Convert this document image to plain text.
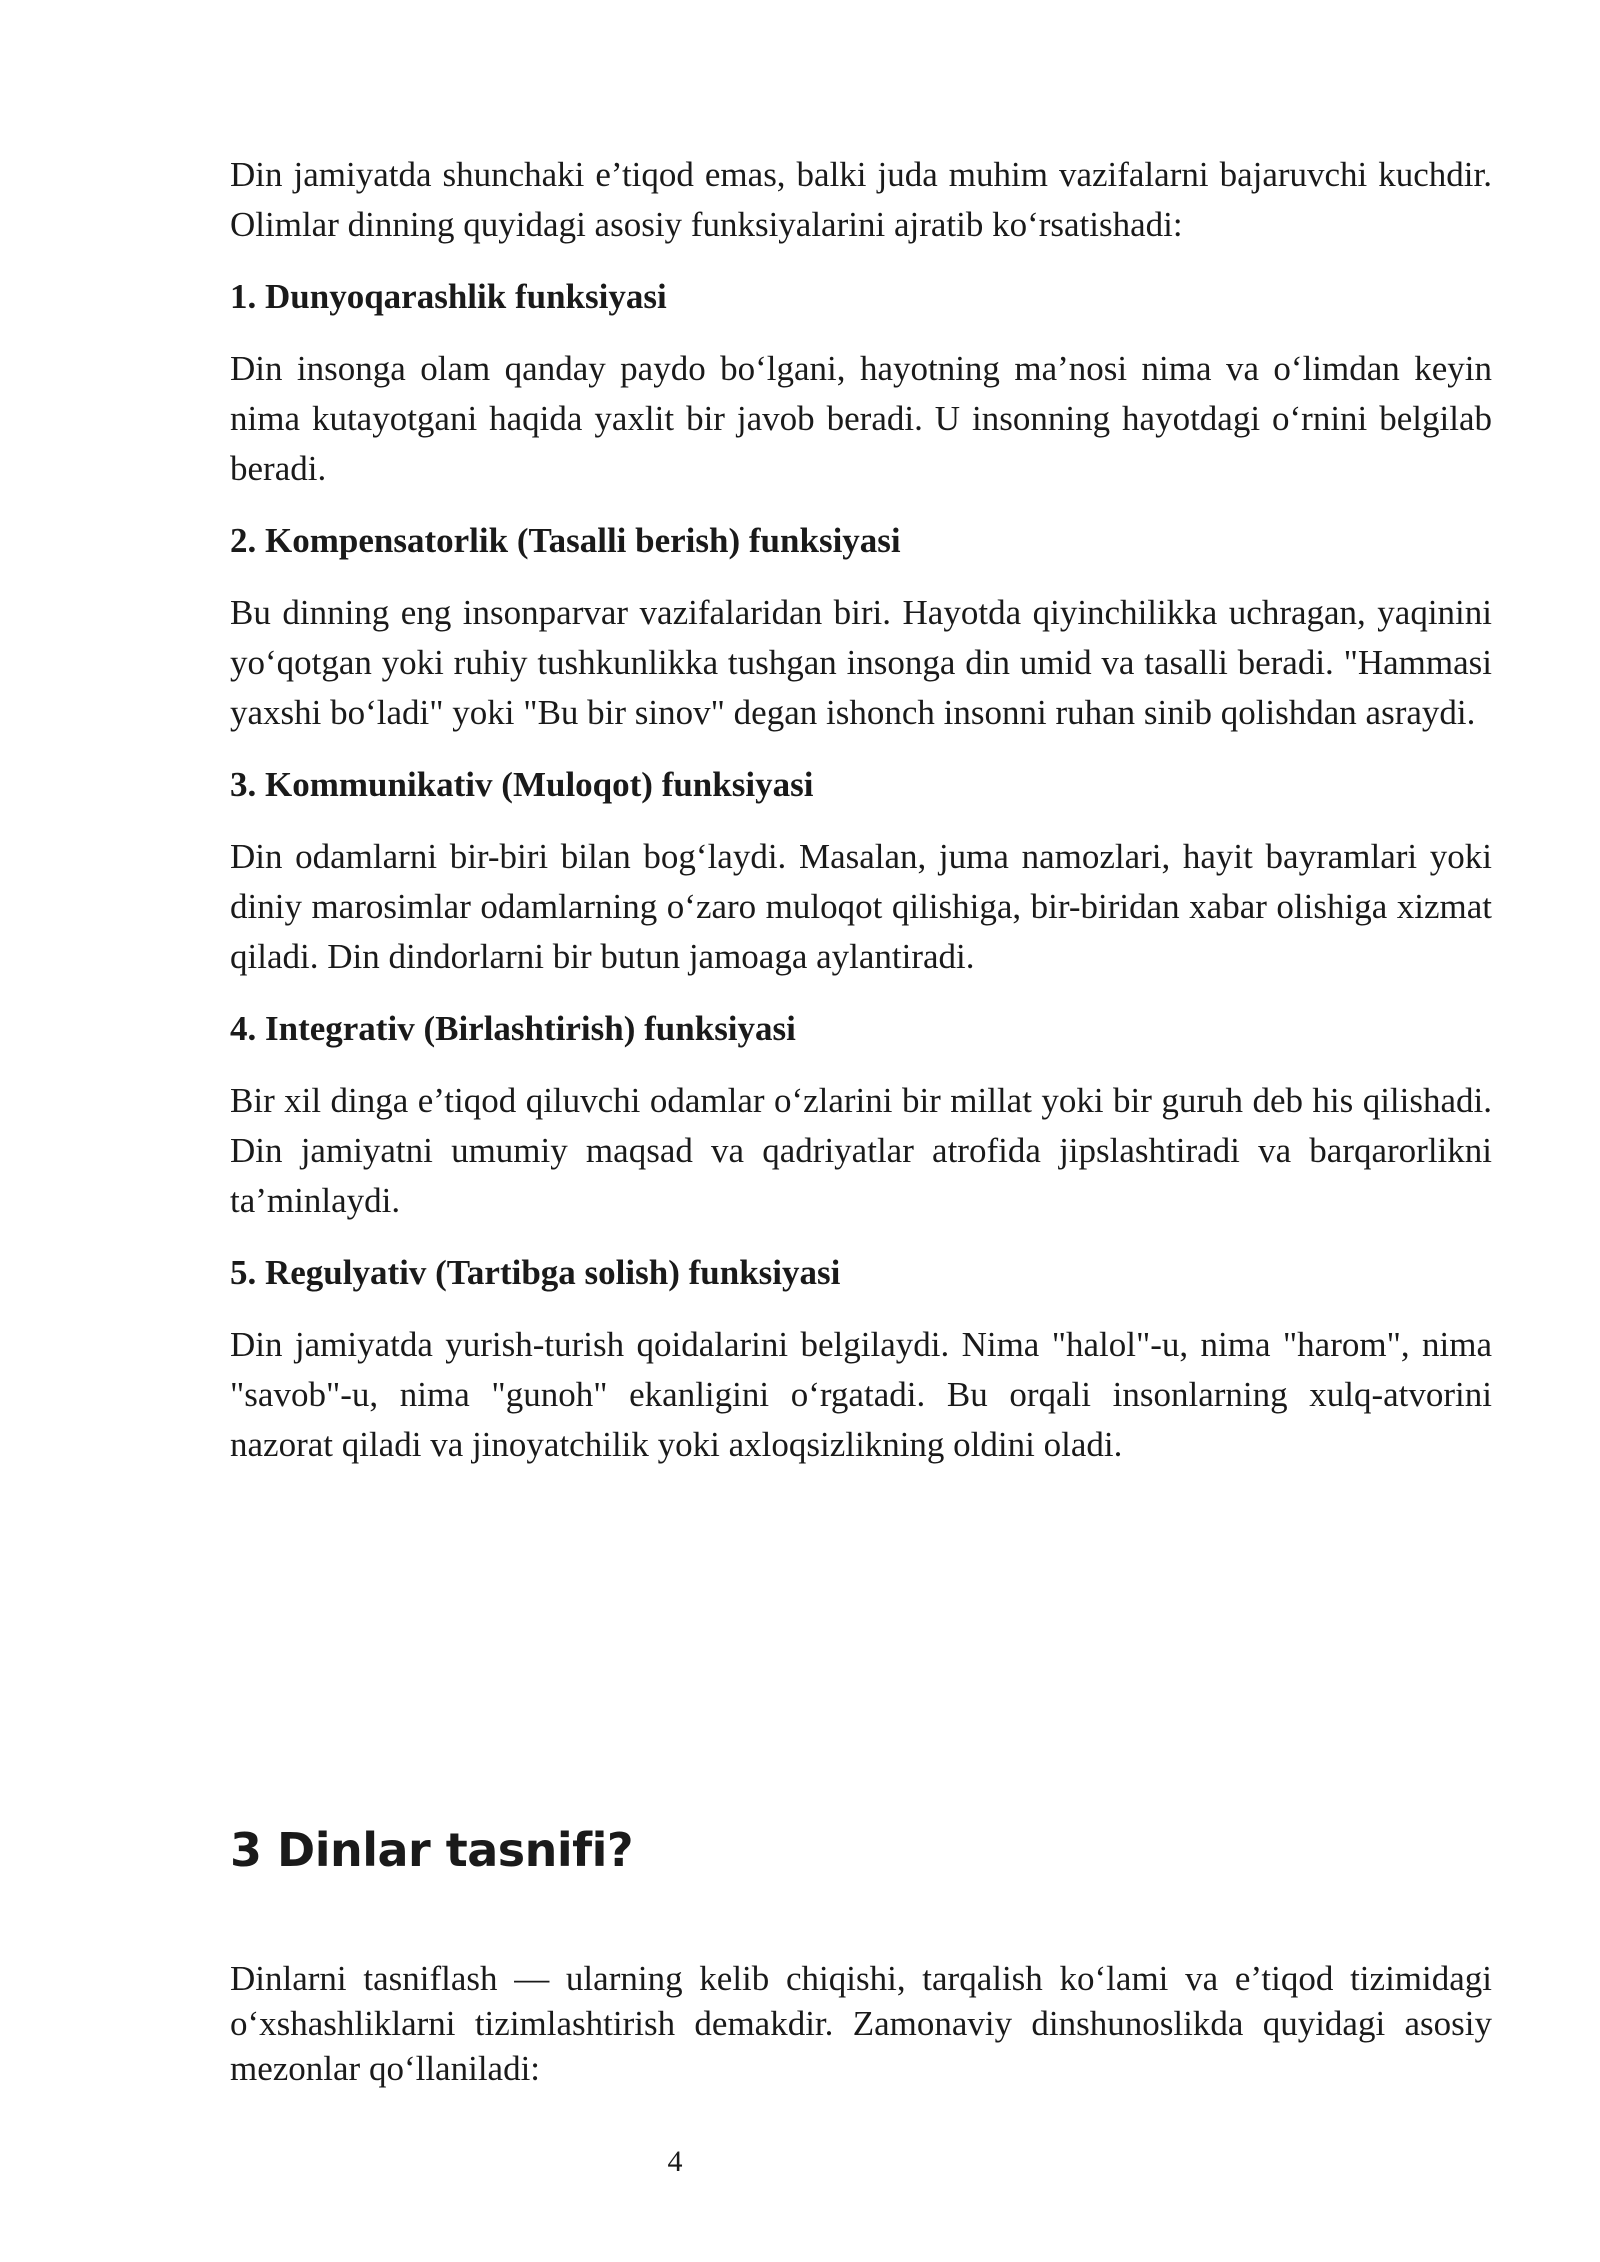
Din jamiyatda shunchaki e’tiqod emas, balki juda muhim vazifalarni bajaruvchi kuchdir. Olimlar dinning quyidagi asosiy funksiyalarini ajratib ko‘rsatishadi:

1. Dunyoqarashlik funksiyasi

Din insonga olam qanday paydo bo‘lgani, hayotning ma’nosi nima va o‘limdan keyin nima kutayotgani haqida yaxlit bir javob beradi. U insonning hayotdagi o‘rnini belgilab beradi.

2. Kompensatorlik (Tasalli berish) funksiyasi

Bu dinning eng insonparvar vazifalaridan biri. Hayotda qiyinchilikka uchragan, yaqinini yo‘qotgan yoki ruhiy tushkunlikka tushgan insonga din umid va tasalli beradi. "Hammasi yaxshi bo‘ladi" yoki "Bu bir sinov" degan ishonch insonni ruhan sinib qolishdan asraydi.

3. Kommunikativ (Muloqot) funksiyasi

Din odamlarni bir-biri bilan bog‘laydi. Masalan, juma namozlari, hayit bayramlari yoki diniy marosimlar odamlarning o‘zaro muloqot qilishiga, bir-biridan xabar olishiga xizmat qiladi. Din dindorlarni bir butun jamoaga aylantiradi.

4. Integrativ (Birlashtirish) funksiyasi

Bir xil dinga e’tiqod qiluvchi odamlar o‘zlarini bir millat yoki bir guruh deb his qilishadi. Din jamiyatni umumiy maqsad va qadriyatlar atrofida jipslashtiradi va barqarorlikni ta’minlaydi.

5. Regulyativ (Tartibga solish) funksiyasi

Din jamiyatda yurish-turish qoidalarini belgilaydi. Nima "halol"-u, nima "harom", nima "savob"-u, nima "gunoh" ekanligini o‘rgatadi. Bu orqali insonlarning xulq-atvorini nazorat qiladi va jinoyatchilik yoki axloqsizlikning oldini oladi.

3 Dinlar tasnifi?

Dinlarni tasniflash — ularning kelib chiqishi, tarqalish ko‘lami va e’tiqod tizimidagi o‘xshashliklarni tizimlashtirish demakdir. Zamonaviy dinshunoslikda quyidagi asosiy mezonlar qo‘llaniladi:

4
